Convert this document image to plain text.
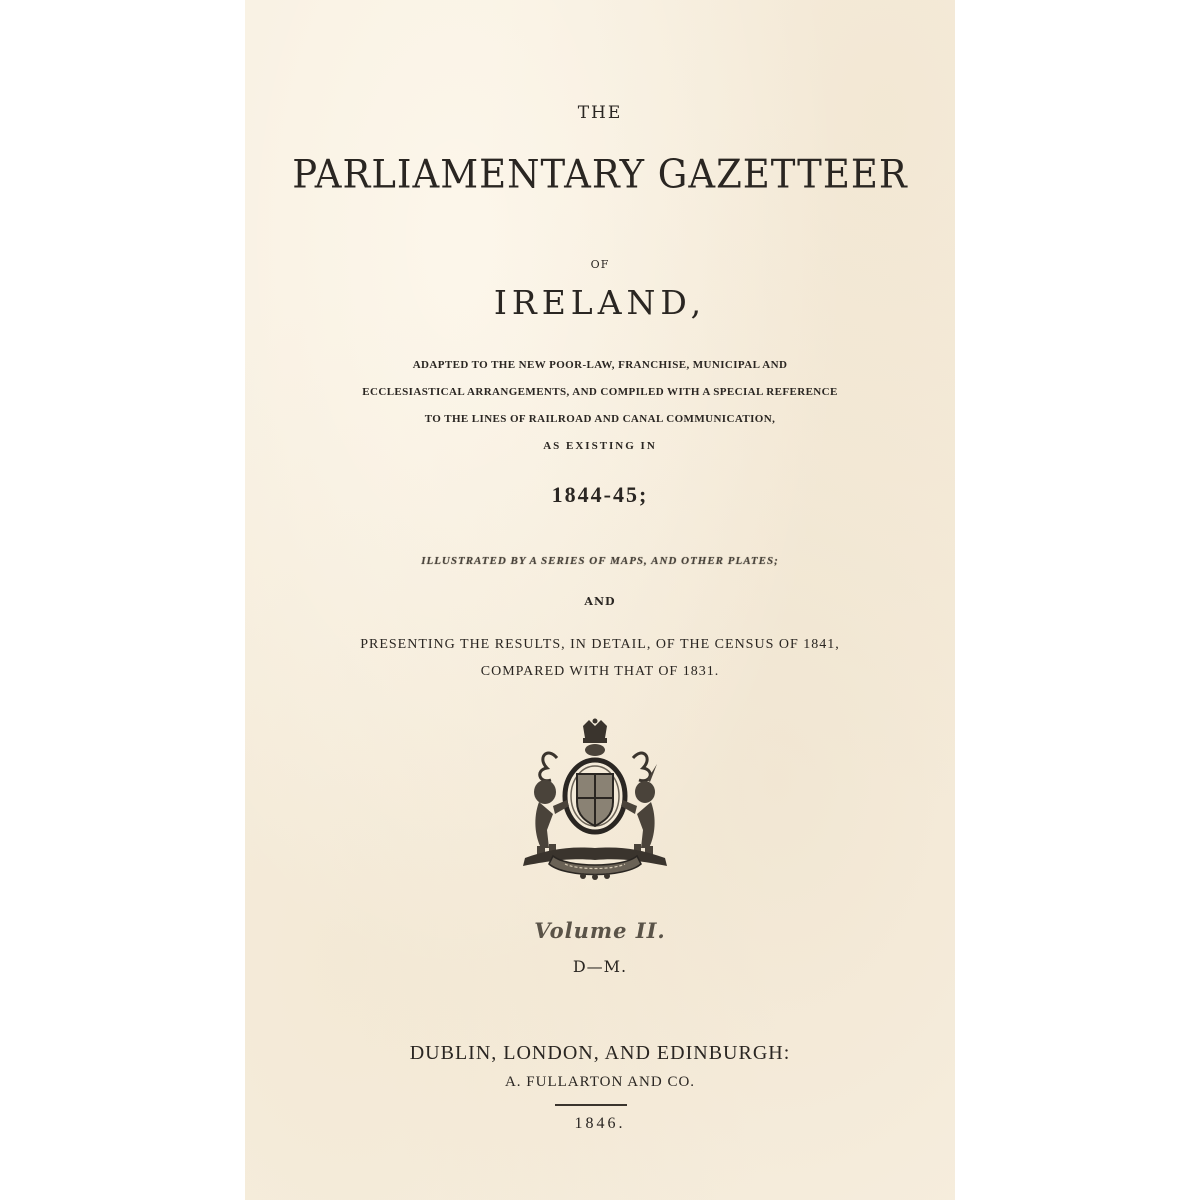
THE

PARLIAMENTARY GAZETTEER

OF

IRELAND,

ADAPTED TO THE NEW POOR-LAW, FRANCHISE, MUNICIPAL AND

ECCLESIASTICAL ARRANGEMENTS, AND COMPILED WITH A SPECIAL REFERENCE

TO THE LINES OF RAILROAD AND CANAL COMMUNICATION,

AS EXISTING IN

1844-45;

ILLUSTRATED BY A SERIES OF MAPS, AND OTHER PLATES;

AND

PRESENTING THE RESULTS, IN DETAIL, OF THE CENSUS OF 1841,

COMPARED WITH THAT OF 1831.

Volume II.

D—M.

DUBLIN, LONDON, AND EDINBURGH:

A. FULLARTON AND CO.

1846.
